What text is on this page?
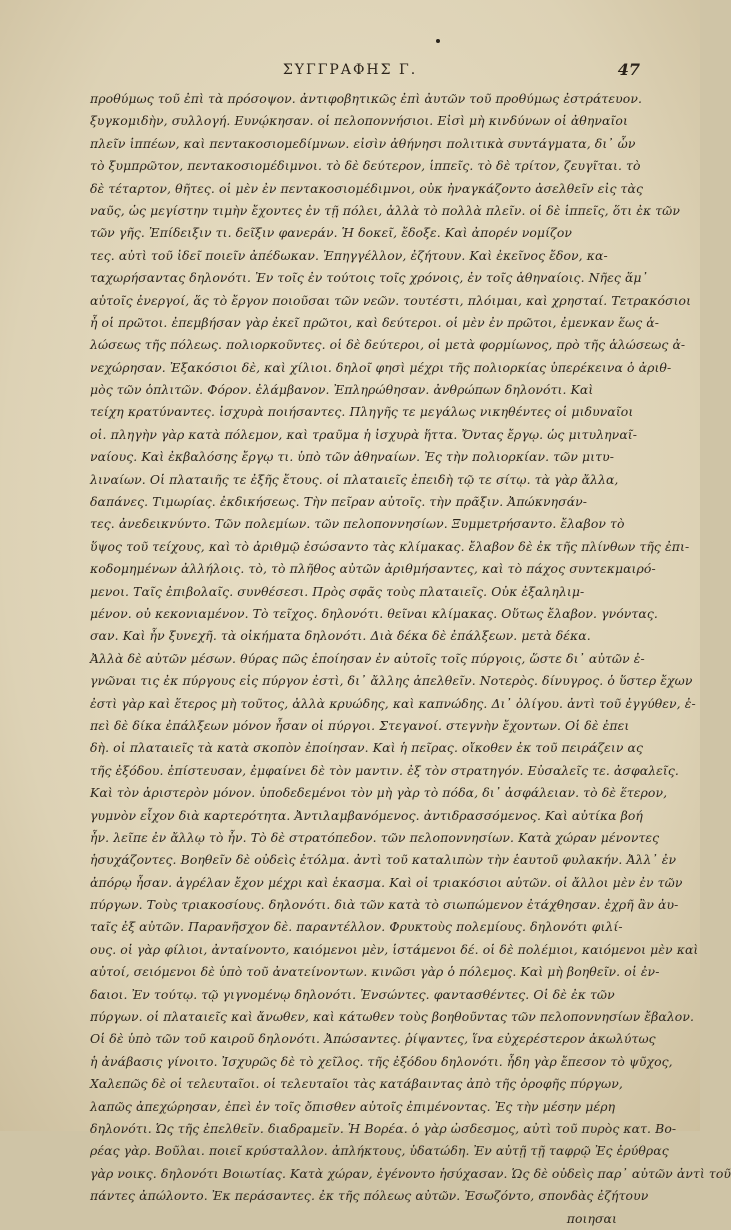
ΣΥΓΓΡΑΦΗΣ Γ.	47
προθύμως τοῦ ἐπὶ τὰ πρόσοψον. ἀντιφοβητικῶς ἐπὶ ἀυτῶν τοῦ προθύμως ἐστράτευον.
ξυγκομιδὴν, συλλογή. Ευνῴκησαν. οἱ πελοποννήσιοι. Εἰσὶ μὴ κινδύνων οἱ ἀθηναῖοι
πλεῖν ἱππέων, καὶ πεντακοσιομεδίμνων. εἰσὶν ἀθήνησι πολιτικὰ συντάγματα, δι᾽ ὧν
τὸ ξυμπρῶτον, πεντακοσιομέδιμνοι. τὸ δὲ δεύτερον, ἱππεῖς. τὸ δὲ τρίτον, ζευγῖται. τὸ
δὲ τέταρτον, θῆτες. οἱ μὲν ἐν πεντακοσιομέδιμνοι, οὐκ ἠναγκάζοντο ἀσελθεῖν εἰς τὰς
ναῦς, ὡς μεγίστην τιμὴν ἔχοντες ἐν τῇ πόλει, ἀλλὰ τὸ πολλὰ πλεῖν. οἱ δὲ ἱππεῖς, ὅτι ἐκ τῶν
τῶν γῆς. Ἐπίδειξιν τι. δεῖξιν φανεράν. Ἡ δοκεῖ, ἔδοξε. Καὶ ἀπορέν νομίζον
τες. αὐτὶ τοῦ ἰδεῖ ποιεῖν ἀπέδωκαν. Ἐπηγγέλλον, ἐζήτουν. Καὶ ἐκεῖνος ἔδον, κα-
ταχωρήσαντας δηλονότι. Ἐν τοῖς ἐν τούτοις τοῖς χρόνοις, ἐν τοῖς ἀθηναίοις. Νῆες ἅμ᾽
αὐτοῖς ἐνεργοί, ἅς τὸ ἔργον ποιοῦσαι τῶν νεῶν. τουτέστι, πλόιμαι, καὶ χρησταί. Τετρακόσιοι
ἦ οἱ πρῶτοι. ἐπεμβήσαν γὰρ ἐκεῖ πρῶτοι, καὶ δεύτεροι. οἱ μὲν ἐν πρῶτοι, ἐμενκαν ἕως ἁ-
λώσεως τῆς πόλεως. πολιορκοῦντες. οἱ δὲ δεύτεροι, οἱ μετὰ φορμίωνος, πρὸ τῆς ἁλώσεως ἀ-
νεχώρησαν. Ἐξακόσιοι δὲ, καὶ χίλιοι. δηλοῖ φησὶ μέχρι τῆς πολιορκίας ὑπερέκεινα ὁ ἀριθ-
μὸς τῶν ὁπλιτῶν. Φόρον. ἐλάμβανον. Ἐπληρώθησαν. ἀνθρώπων δηλονότι. Καὶ
τείχη κρατύναντες. ἰσχυρὰ ποιήσαντες. Πληγῆς τε μεγάλως νικηθέντες οἱ μιδυναῖοι
οἱ. πληγὴν γὰρ κατὰ πόλεμον, καὶ τραῦμα ἡ ἰσχυρὰ ἥττα. Ὄντας ἔργῳ. ὡς μιτυληναῖ-
ναίους. Καὶ ἐκβαλόσης ἔργῳ τι. ὑπὸ τῶν ἀθηναίων. Ἐς τὴν πολιορκίαν. τῶν μιτυ-
λιναίων. Οἱ πλαταιῆς τε ἐξῆς ἔτους. οἱ πλαταιεῖς ἐπειδὴ τῷ τε σίτῳ. τὰ γὰρ ἄλλα,
δαπάνες. Τιμωρίας. ἐκδικήσεως. Τὴν πεῖραν αὐτοῖς. τὴν πρᾶξιν. Ἀπώκνησάν-
τες. ἀνεδεικνύντο. Τῶν πολεμίων. τῶν πελοποννησίων. Ξυμμετρήσαντο. ἔλαβον τὸ
ὕψος τοῦ τείχους, καὶ τὸ ἀριθμῷ ἐσώσαντο τὰς κλίμακας. ἔλαβον δὲ ἐκ τῆς πλίνθων τῆς ἐπι-
κοδομημένων ἀλλήλοις. τὸ, τὸ πλῆθος αὐτῶν ἀριθμήσαντες, καὶ τὸ πάχος συντεκμαιρό-
μενοι. Ταῖς ἐπιβολαῖς. συνθέσεσι. Πρὸς σφᾶς τοὺς πλαταιεῖς. Οὐκ ἐξαληλιμ-
μένον. οὐ κεκονιαμένον. Τὸ τεῖχος. δηλονότι. θεῖναι κλίμακας. Οὕτως ἔλαβον. γνόντας.
σαν. Καὶ ἦν ξυνεχῆ. τὰ οἰκήματα δηλονότι. Διὰ δέκα δὲ ἐπάλξεων. μετὰ δέκα.
Ἀλλὰ δὲ αὐτῶν μέσων. θύρας πῶς ἐποίησαν ἐν αὐτοῖς τοῖς πύργοις, ὥστε δι᾽ αὐτῶν ἐ-
γνῶναι τις ἐκ πύργους εἰς πύργον ἐστὶ, δι᾽ ἄλλης ἀπελθεῖν. Νοτερὸς. δίνυγρος. ὁ ὕστερ ἔχων
ἐστὶ γὰρ καὶ ἕτερος μὴ τοῦτος, ἀλλὰ κρυώδης, καὶ καπνώδης. Δι᾽ ὀλίγου. ἀντὶ τοῦ ἐγγύθεν, ἐ-
πεὶ δὲ δίκα ἐπάλξεων μόνον ἦσαν οἱ πύργοι. Στεγανοί. στεγνὴν ἔχοντων. Οἱ δὲ ἐπει
δὴ. οἱ πλαταιεῖς τὰ κατὰ σκοπὸν ἐποίησαν. Καὶ ἡ πεῖρας. οἴκοθεν ἐκ τοῦ πειράζειν ας
τῆς ἐξόδου. ἐπίστευσαν, ἐμφαίνει δὲ τὸν μαντιν. ἐξ τὸν στρατηγόν. Εὐσαλεῖς τε. ἀσφαλεῖς.
Καὶ τὸν ἀριστερὸν μόνον. ὑποδεδεμένοι τὸν μὴ γὰρ τὸ πόδα, δι᾽ ἀσφάλειαν. τὸ δὲ ἕτερον,
γυμνὸν εἶχον διὰ καρτερότητα. Ἀντιλαμβανόμενος. ἀντιδρασσόμενος. Καὶ αὐτίκα βοή
ἦν. λεῖπε ἐν ἄλλῳ τὸ ἦν. Τὸ δὲ στρατόπεδον. τῶν πελοποννησίων. Κατὰ χώραν μένοντες
ἡσυχάζοντες. Βοηθεῖν δὲ οὐδεὶς ἐτόλμα. ἀντὶ τοῦ καταλιπὼν τὴν ἑαυτοῦ φυλακήν. Ἀλλ᾽ ἐν
ἀπόρῳ ἦσαν. ἀγρέλαν ἔχον μέχρι καὶ ἑκασμα. Καὶ οἱ τριακόσιοι αὐτῶν. οἱ ἄλλοι μὲν ἐν τῶν
πύργων. Τοὺς τριακοσίους. δηλονότι. διὰ τῶν κατὰ τὸ σιωπώμενον ἐτάχθησαν. ἐχρῆ ἂν ἀυ-
ταῖς ἐξ αὐτῶν. Παρανῆσχον δὲ. παραντέλλον. Φρυκτοὺς πολεμίους. δηλονότι φιλί-
ους. οἱ γὰρ φίλιοι, ἀνταίνοντο, καιόμενοι μὲν, ἱστάμενοι δέ. οἱ δὲ πολέμιοι, καιόμενοι μὲν καὶ
αὐτοί, σειόμενοι δὲ ὑπὸ τοῦ ἀνατείνοντων. κινῶσι γὰρ ὁ πόλεμος. Καὶ μὴ βοηθεῖν. οἱ ἐν-
δαιοι. Ἐν τούτῳ. τῷ γιγνομένῳ δηλονότι. Ἐνσώντες. φαντασθέντες. Οἱ δὲ ἐκ τῶν
πύργων. οἱ πλαταιεῖς καὶ ἄνωθεν, καὶ κάτωθεν τοὺς βοηθοῦντας τῶν πελοποννησίων ἔβαλον.
Οἱ δὲ ὑπὸ τῶν τοῦ καιροῦ δηλονότι. Ἀπώσαντες. ῥίψαντες, ἵνα εὐχερέστερον ἀκωλύτως
ἡ ἀνάβασις γίνοιτο. Ἰσχυρῶς δὲ τὸ χεῖλος. τῆς ἐξόδου δηλονότι. ἦδη γὰρ ἔπεσον τὸ ψῦχος,
Χαλεπῶς δὲ οἱ τελευταῖοι. οἱ τελευταῖοι τὰς κατάβαιντας ἀπὸ τῆς ὀροφῆς πύργων,
λαπῶς ἀπεχώρησαν, ἐπεὶ ἐν τοῖς ὄπισθεν αὐτοῖς ἐπιμένοντας. Ἐς τὴν μέσην μέρη
δηλονότι. Ὡς τῆς ἐπελθεῖν. διαδραμεῖν. Ἡ Βορέα. ὁ γὰρ ὠσδεσμος, αὐτὶ τοῦ πυρὸς κατ. Βο-
ρέας γὰρ. Βοῦλαι. ποιεῖ κρύσταλλον. ἀπλήκτους, ὑδατώδη. Ἐν αὐτῇ τῇ ταφρῷ Ἐς ἐρύθρας
γὰρ νοικς. δηλονότι Βοιωτίας. Κατὰ χώραν, ἐγένοντο ἡσύχασαν. Ὡς δὲ οὐδεὶς παρ᾽ αὐτῶν ἀντὶ τοῦ
πάντες ἀπώλοντο. Ἐκ περάσαντες. ἐκ τῆς πόλεως αὐτῶν. Ἐσωζόντο, σπονδὰς ἐζήτουν
ποιησαι
